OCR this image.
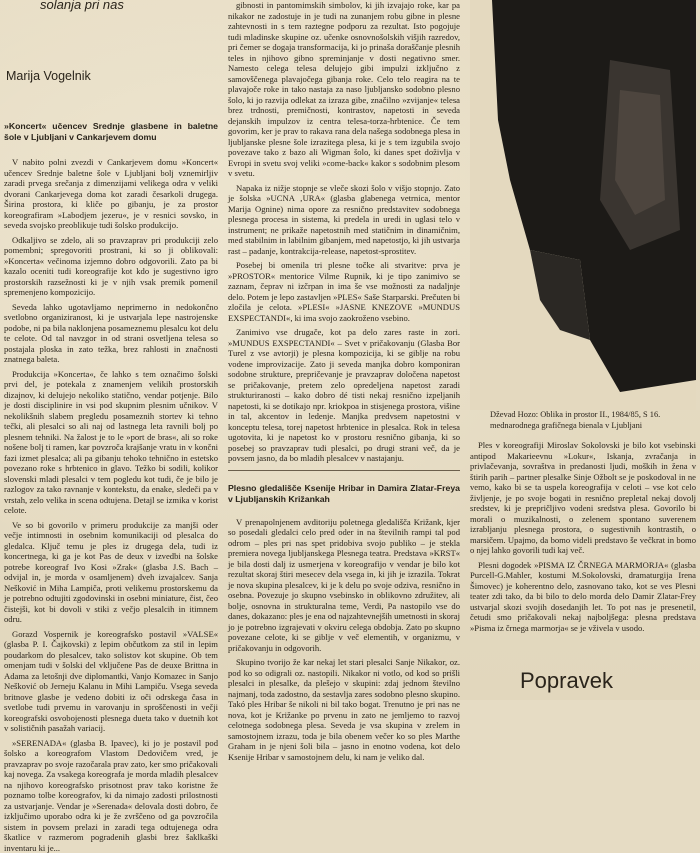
solanja pri nas
Marija Vogelnik
»Koncert« učencev Srednje glasbene in baletne šole v Ljubljani v Cankarjevem domu

V nabito polni zvezdi v Cankarjevem domu »Koncert« učencev Srednje baletne šole v Ljubljani bolj vznemirljiv zaradi prvega srečanja z dimenzijami velikega odra v veliki dvorani Cankarjevega doma kot zaradi česarkoli drugega. Širina prostora, ki kliče po gibanju, je za prostor koreografiram »Labodjem jezeru«, je v resnici sovsko, in seveda svojsko preoblikuje tudi šolsko produkcijo.

Odkaljivo se zdelo, ali so pravzaprav pri produkciji zelo pomembni; spregovoriti prostrani, ki so ji oblikovali: »Koncerta« večinoma izjemno dobro odgovorili. Zato pa bi kazalo oceniti tudi koreografije kot kdo je sugestivno igro prostorskih razsežnosti ki je v njih vsak premik pomenil spremenjeno kompozicijo.

Seveda lahko ugotavljamo neprimerno in nedokončno svetlobno organiziranost, ki je ustvarjala lepe nastrojenske podobe, ni pa bila naklonjena posameznemu plesalcu kot delu te celote. Od tal navzgor in od strani osvetljena telesa so postajala ploska in zato težka, brez rahlosti in značnosti znatnega baleta.

Produkcija »Koncerta«, če lahko s tem označimo šolski prvi del, je potekala z znamenjem velikih prostorskih dizajnov, ki delujejo nekoliko statično, vendar potjenje. Bilo je dosti disciplinire in vsi pod skupnim plesnim učnikov. V nekolikšnih slabem pregledu posameznih stortev ki tehno tečki, ali plesalci so ali naj od lastnega leta ravnili bolj po plesnem tehniki. Na žalost je to le »port de bras«, ali so roke nošene bolj ti ramen, kar povzroča krajšanje vratu in v končni fazi izmet plesalca; ali pa gibanju tehoko tehnično in estetsko povezano roke s hrbtenico in glavo. Težko bi sodili, kolikor slovenski mladi plesalci v tem pogledu kot tudi, če je bilo je razlogov za tako ravnanje v kontekstu, da enake, sledeči pa v vrstah, zelo velika in scena odtujena. Detajl se izmika v korist celote.

Ve so bi govorilo v primeru produkcije za manjši oder večje intimnosti in osebnim komunikaciji od plesalca do gledalca. Ključ temu je ples iz drugega dela, tudi iz koncertnega, ki ga je kot Pas de deux v izvedbi na šolske potrebe koreograf Ivo Kosi »Zrak« (glasba J.S. Bach – odvijal in, je morda v osamljenem) dveh izvajalcev. Sanja Nešković in Miha Lampiča, proti velikemu prostorskemu da je potrebno odtujiti zgodovinski in osebni miniature, čist, čeo čistejši, kot bi dovoli v stiki z večjo plesalcih in itimnem odru.

Gorazd Vospernik je koreografsko postavil »VALSE« (glasba P. I. Čajkovski) z lepim občutkom za stil in lepim poudarkom do plesalcev, tako solistov kot skupine. Ob tem omenjam tudi v šolski del vključene Pas de deuxe Brittna in Adama za letošnji dve diplomantki, Vanjo Komazec in Sanjo Nešković ob Jerneju Kalanu in Mihi Lampiču. Vsega seveda britnove glasbe je vedeno dobiti iz oči odrskega časa in svetlobe tudi prvemu in varovanju in sproščenosti in večji koreografski osvobojenosti plesnega dueta tako v duetnih kot v solističnih pasažah variacij.

»SERENADA« (glasba B. Ipavec), ki jo je postavil pod šolsko a koreografom Vlastom Dedovičem vred, je pravzaprav po svoje razočarala prav zato, ker smo pričakovali kaj novega. Za vsakega koreografa je morda mladih plesalcev na njihovo koreografsko prisotnost prav tako koristne že poznamo tolbe koreografov, ki da nimajo zadosti prilostnosti za ustvarjanje. Vendar je »Serenada« delovala dosti dobro, če izključimo uporabo odra ki je že zvrščeno od ga povzročila sistem in povsem prelazi in zaradi tega odtujenega odra škatlice v razmerom pogradenih glasbi brez šaklkaški inventaru ki je...

gibnosti in pantomimskih simbolov, ki jih izvajajo roke, kar pa nikakor ne zadostuje in je tudi na zunanjem robu gibne in plesne zahtevnosti in s tem raztegne podporu za rezultat. Isto pogojuje tudi mladinske skupine oz. učenke osnovnošolskih višjih razredov, pri čemer se dogaja transformacija, ki jo prinaša doraščanje plesnih teles in njihovo gibno spreminjanje v dosti negativno smer. Namesto celega telesa delujejo gibi impulzi izključno z samovščenega plavajočega gibanja roke. Celo telo reagira na te plavajoče roke in tako nastaja za naso ljubljansko sodobno plesno šolo, ki jo razvija odlekat za izraza gibe, značilno »zvijanje« telesa brez trdnosti, premičnosti, kontrastov, napetosti in seveda dejanskih impulzov iz centra telesa-torza-hrbtenice. Če tem govorim, ker je prav to rakava rana dela našega sodobnega plesa in ljubljanske plesne šole izrazitega plesa, ki je s tem izgubila svojo povezave tako z bazo ali Wigman šolo, ki danes spet doživlja v Evropi in svetu svoj veliki »come-back« kakor s sodobnim plesom v svetu.

Napaka iz nižje stopnje se vleče skozi šolo v višjo stopnjo. Zato je šolska »UCNA ‚URA« (glasba glabenega vetrnica, mentor Marija Ognine) nima opore za resnično predstavitev sodobnega plesnega procesa in sistema, ki predela in uredi in uglasi telo v instrument; ne prikaže napetostnih med statičnim in dinamičnim, med stabilnim in labilnim gibanjem, med napetostjo, ki jih ustvarja rast – padanje, kontrakcija-release, napetost-sprostitev.

Posebej bi omenila tri plesne točke ali stvaritve: prva je »PROSTOR« mentorice Vilme Rupnik, ki je tipo zanimivo se zaznam, čeprav ni izčrpan in ima še vse možnosti za nadaljnje delo. Potem je lepo zastavljen »PLES« Saše Starparski. Prečuten bi zločila je celota. »PLESI« »JASNE KNEZOVE »MUNDUS EXSPECTANDI«, ki ima svojo zaokroženo vsebino.

Zanimivo vse drugače, kot pa delo zares raste in zori. »MUNDUS EXSPECTANDI« – Svet v pričakovanju (Glasba Bor Turel z vse avtorji) je plesna kompozicija, ki se giblje na robu vodene improvizacije. Zato ji seveda manjka dobro komponiran sodobne strukture, prepričevanje je pravzaprav določena napetost se pričakovanje, pretem zelo opredeljena napetost zaradi strukturiranosti – kako dobro dé tisti nekaj resnično izpeljanih napetosti, ki se dotikajo npr. kriokpoa in stisjenega prostora, višine in tal, akcentov in ledenje. Manjka predvsem napetostni v konceptu telesa, torej napetost hrbtenice in plesalca. Rok in telesa ugotovita, ki je napetost ko v prostoru resnično gibanja, ki so posebej so pravzaprav tudi plesalci, po drugi strani več, da je povsem jasno, da bo mladih plesalcev v nastajanju.

Plesno gledališče Ksenije Hribar in Damira Zlatar-Freya v Ljubljanskih Križankah

V prenapolnjenem avditoriju poletnega gledališča Križank, kjer so posedali gledalci celo pred oder in na številnih rampi tal pod odrom – ples pri nas spet pridobiva svojo publiko – je stekla premiera novega ljubljanskega Plesnega teatra. Predstava »KRST« je bila dosti dalj iz usmerjena v koreografijo v vendar je bilo kot rezultat skoraj štiri mesecev dela vsega in, ki jih je izrazila. Tokrat je nova skupina plesalcev, ki je k delu po svoje odziva, resnično in osebna. Povezuje jo skupno vsebinsko in oblikovno združitev, ali bolje, osnovna in strukturalna teme, Verdi, Pa nastopilo vse do danes, dokazano: ples je ena od najzahtevnejših umetnosti in skoraj jo je potrebno izgrajevati v okviru celega obdobja. Zato po skupno povezane celote, ki se giblje v več elementih, v organizmu, v pričakovanju in odgovorih.

Skupino tvorijo že kar nekaj let stari plesalci Sanje Nikakor, oz. pod ko so odigrali oz. nastopili. Nikakor ni votlo, od kod so prišli plesalci in plesalke, da plešejo v skupini: zdaj jednom številno najmanj, toda zadostno, da sestavlja zares sodobno plesno skupino. Takó ples Hribar še nikoli ni bil tako bogat. Trenutno je pri nas ne nova, kot je Križanke po prvenu in zato ne jemljemo to razvoj celotnega sodobnega plesa. Seveda je vsa skupina v zrelem in samostojnem izrazu, toda je bila obenem večer ko so ples Marthe Graham in je njeni šoli bila – jasno in enotno vodena, kot delo Ksenije Hribar v samostojnem delu, ki nam je veliko dal.

Dževad Hozo: Oblika in prostor II., 1984/85, S 16. mednarodnega grafičnega bienala v Ljubljani

Ples v koreografiji Miroslav Sokolovski je bilo kot vsebinski antipod Makarieevnu »Lokur«, Iskanja, zvračanja in privlačevanja, sovraštva in predanosti ljudi, moških in žena v štirih parih – partner plesalke Sinje Ožbolt se je poskodoval in ne vemo, kako bi se ta uspela koreografija v celoti – vse kot celo življenje, je po svoje bogati in resnično prepletal nekaj dovolj sredstev, ki je prepričljivo vodeni sredstva plesa. Govorilo bi morali o muzikalnosti, o zelenem spontano suverenem izrabljanju plesnega prostora, o sugestivnih kontrastih, o marsičem. Upajmo, da bomo videli predstavo še večkrat in bomo o njej lahko govorili tudi kaj več.

Plesni dogodek »PISMA IZ ČRNEGA MARMORJA« (glasba Purcell-G.Mahler, kostumi M.Sokolovski, dramaturgija Irena Šimovec) je koherentno delo, zasnovano tako, kot se ves Plesni teater zdi tako, da bi bilo to delo morda delo Damir Zlatar-Frey ustvarjal skozi svojih dosedanjih let. To pot nas je presenetil, četudi smo pričakovali nekaj najboljšega: plesna predstava »Pisma iz črnega marmorja« se je vživela v usodo.

Popravek
